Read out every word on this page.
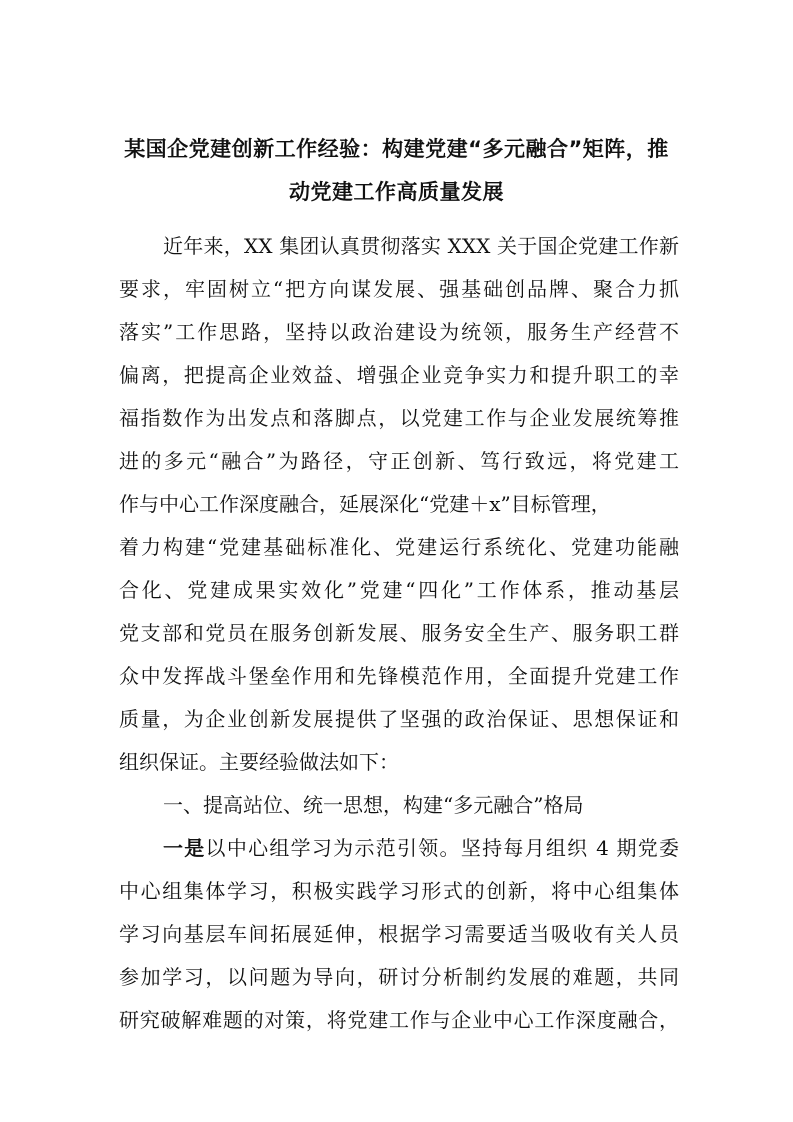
某国企党建创新工作经验：构建党建“多元融合”矩阵，推
动党建工作高质量发展
近年来，XX 集团认真贯彻落实 XXX 关于国企党建工作新
要求，牢固树立“把方向谋发展、强基础创品牌、聚合力抓
落实”工作思路，坚持以政治建设为统领，服务生产经营不
偏离，把提高企业效益、增强企业竞争实力和提升职工的幸
福指数作为出发点和落脚点，以党建工作与企业发展统筹推
进的多元“融合”为路径，守正创新、笃行致远，将党建工
作与中心工作深度融合，延展深化“党建＋x”目标管理，
着力构建“党建基础标准化、党建运行系统化、党建功能融
合化、党建成果实效化”党建“四化”工作体系，推动基层
党支部和党员在服务创新发展、服务安全生产、服务职工群
众中发挥战斗堡垒作用和先锋模范作用，全面提升党建工作
质量，为企业创新发展提供了坚强的政治保证、思想保证和
组织保证。主要经验做法如下：
一、提高站位、统一思想，构建“多元融合”格局
一是以中心组学习为示范引领。坚持每月组织 4 期党委
中心组集体学习，积极实践学习形式的创新，将中心组集体
学习向基层车间拓展延伸，根据学习需要适当吸收有关人员
参加学习，以问题为导向，研讨分析制约发展的难题，共同
研究破解难题的对策，将党建工作与企业中心工作深度融合，
